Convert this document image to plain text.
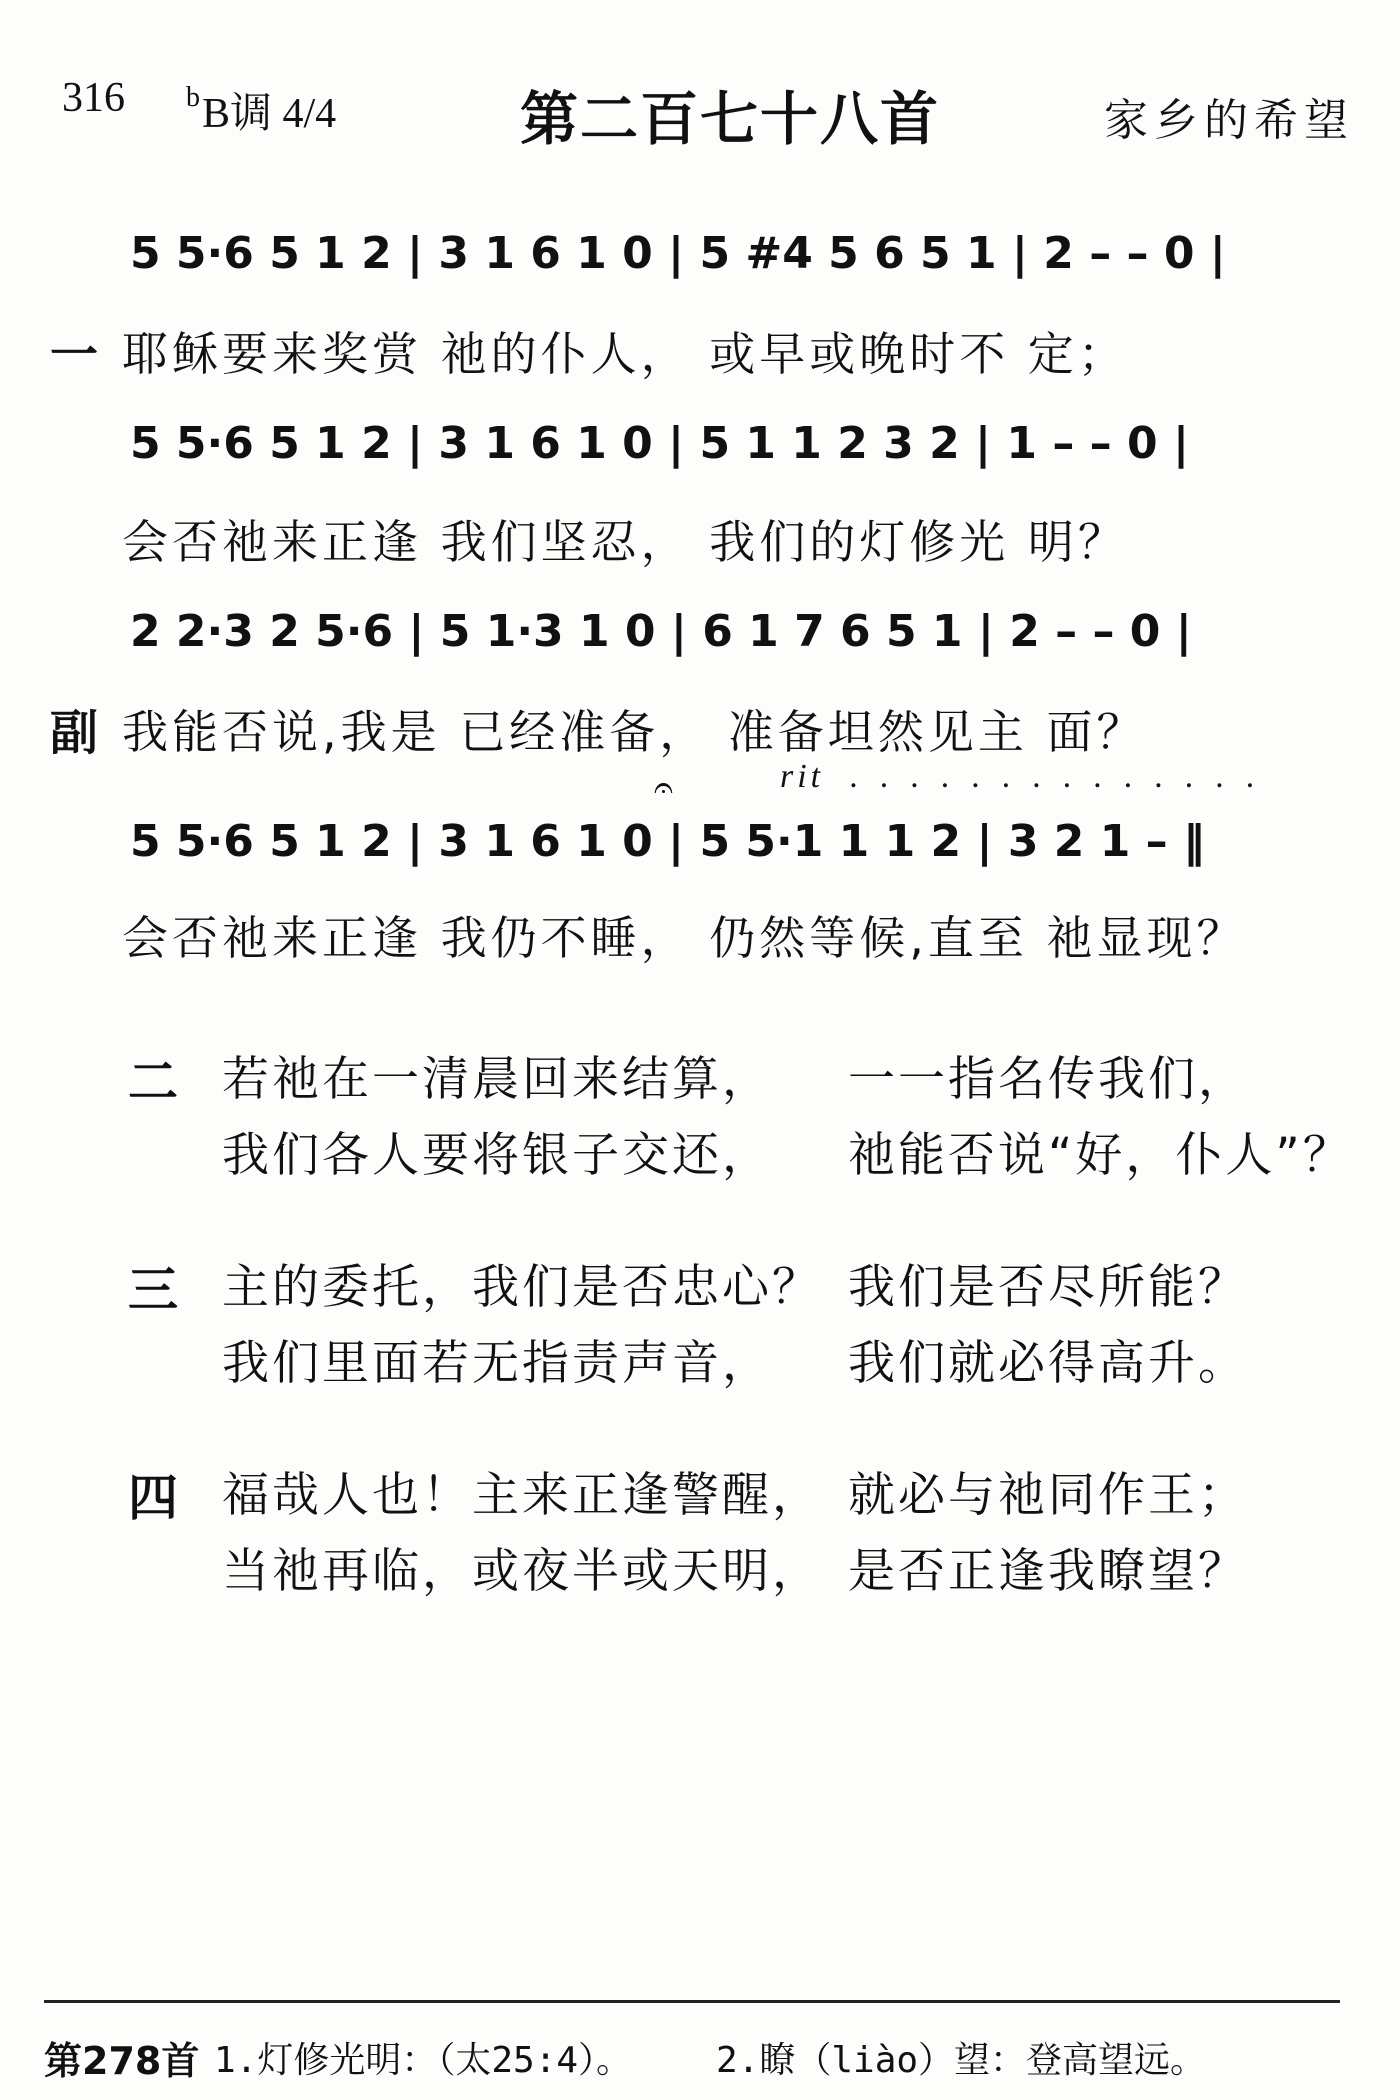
316 $^b$B调 4/4	第二百七十八首	家乡的希望
5 5·6 5 1 2 | 3 1 6 1 0 | 5 #4 5 6 5 1 | 2 – – 0 |
一 耶稣要来奖赏 祂的仆人， 或早或晚时不 定；
5 5·6 5 1 2 | 3 1 6 1 0 | 5 1 1 2 3 2 | 1 – – 0 |
会否祂来正逢 我们坚忍， 我们的灯修光 明？
2 2·3 2 5·6 | 5 1·3 1 0 | 6 1 7 6 5 1 | 2 – – 0 |
副 我能否说,我是 已经准备， 准备坦然见主 面？
rit ..............
𝄐
5 5·6 5 1 2 | 3 1 6 1 0 | 5 5·1 1 1 2 | 3 2 1 – ‖
会否祂来正逢 我仍不睡， 仍然等候,直至 祂显现？
二 若祂在一清晨回来结算， 一一指名传我们，
我们各人要将银子交还， 祂能否说“好，仆人”？
三 主的委托，我们是否忠心？ 我们是否尽所能？
我们里面若无指责声音， 我们就必得高升。
四 福哉人也！主来正逢警醒， 就必与祂同作王；
当祂再临，或夜半或天明， 是否正逢我瞭望？
第278首 1.灯修光明：（太25:4）。 2.瞭（liào）望：登高望远。
